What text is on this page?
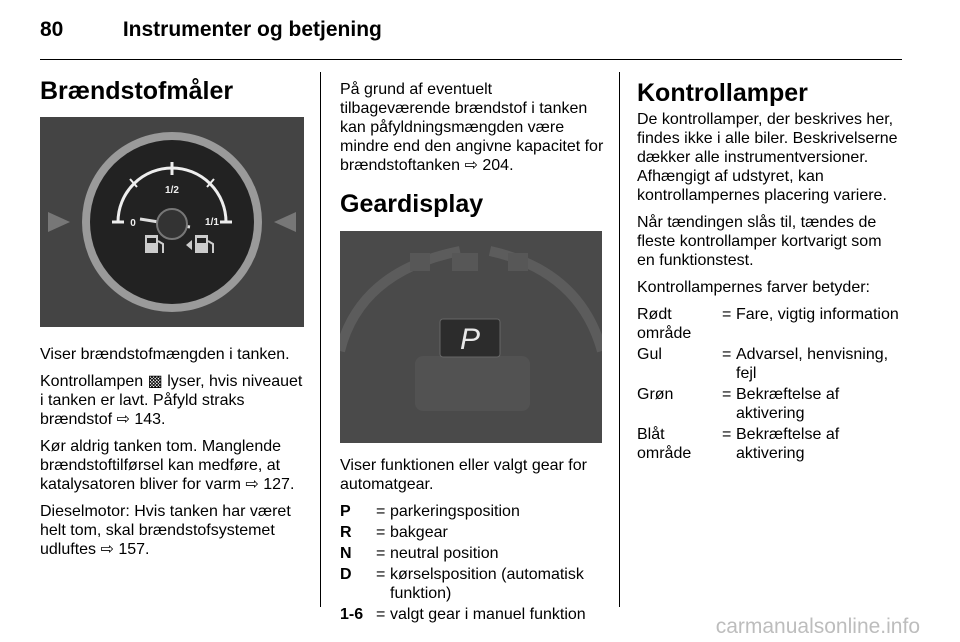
80	Instrumenter og betjening
Brændstofmåler
1/2
1/1
0

Viser brændstofmængden i tanken.

Kontrollampen ▩ lyser, hvis niveauet i tanken er lavt. Påfyld straks brændstof ⇨ 143.

Kør aldrig tanken tom. Manglende brændstoftilførsel kan medføre, at katalysatoren bliver for varm ⇨ 127.

Dieselmotor: Hvis tanken har været helt tom, skal brændstofsystemet udluftes ⇨ 157.

På grund af eventuelt tilbageværende brændstof i tanken kan påfyldningsmængden være mindre end den angivne kapacitet for brændstoftanken ⇨ 204.

Geardisplay
P

Viser funktionen eller valgt gear for automatgear.

P	=	parkeringsposition
R	=	bakgear
N	=	neutral position
D	=	kørselsposition (automatisk funktion)
1-6	=	valgt gear i manuel funktion
Kontrollamper

De kontrollamper, der beskrives her, findes ikke i alle biler. Beskrivelserne dækker alle instrumentversioner. Afhængigt af udstyret, kan kontrollampernes placering variere.

Når tændingen slås til, tændes de fleste kontrollamper kortvarigt som en funktionstest.

Kontrollampernes farver betyder:

Rødt område	=	Fare, vigtig information
Gul	=	Advarsel, henvisning, fejl
Grøn	=	Bekræftelse af aktivering
Blåt område	=	Bekræftelse af aktivering
carmanualsonline.info
